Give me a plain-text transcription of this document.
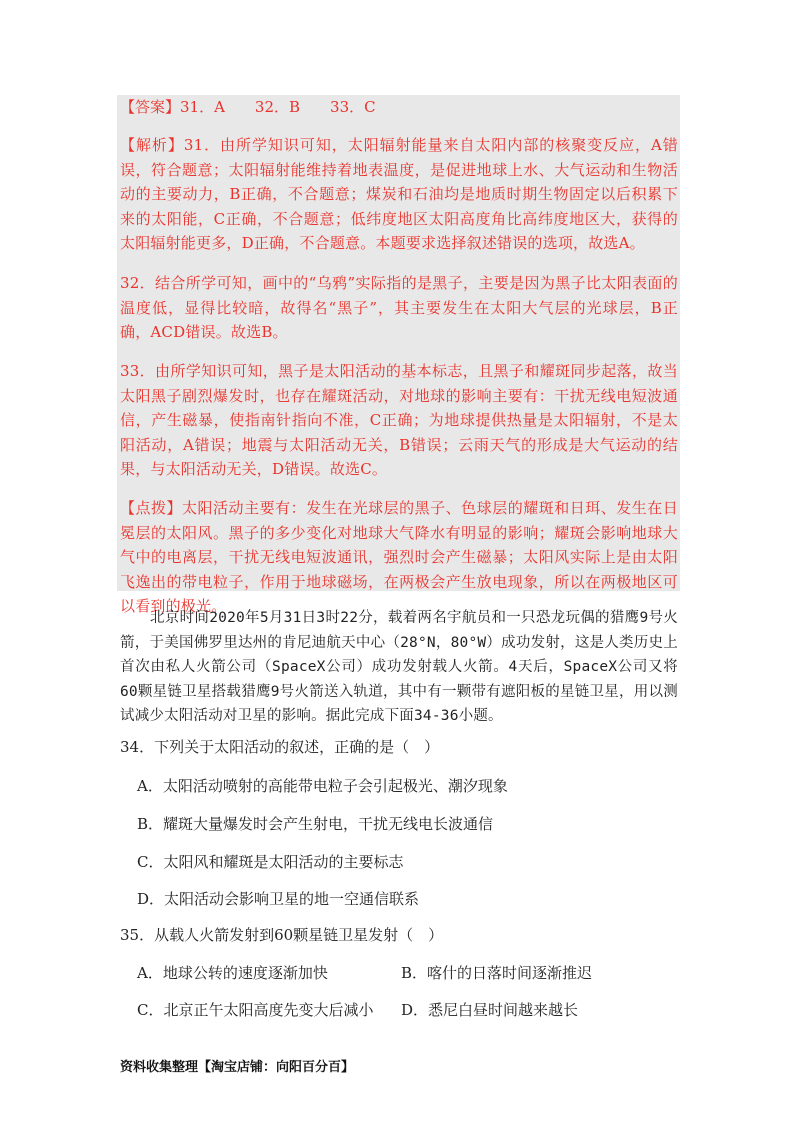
【答案】31．A　　32．B　　33．C
【解析】31．由所学知识可知，太阳辐射能量来自太阳内部的核聚变反应，A错误，符合题意；太阳辐射能维持着地表温度，是促进地球上水、大气运动和生物活动的主要动力，B正确，不合题意；煤炭和石油均是地质时期生物固定以后积累下来的太阳能，C正确，不合题意；低纬度地区太阳高度角比高纬度地区大，获得的太阳辐射能更多，D正确，不合题意。本题要求选择叙述错误的选项，故选A。
32．结合所学可知，画中的“乌鸦”实际指的是黑子，主要是因为黑子比太阳表面的温度低，显得比较暗，故得名“黑子”，其主要发生在太阳大气层的光球层，B正确，ACD错误。故选B。
33．由所学知识可知，黑子是太阳活动的基本标志，且黑子和耀斑同步起落，故当太阳黑子剧烈爆发时，也存在耀斑活动，对地球的影响主要有：干扰无线电短波通信，产生磁暴，使指南针指向不准，C正确；为地球提供热量是太阳辐射，不是太阳活动，A错误；地震与太阳活动无关，B错误；云雨天气的形成是大气运动的结果，与太阳活动无关，D错误。故选C。
【点拨】太阳活动主要有：发生在光球层的黑子、色球层的耀斑和日珥、发生在日冕层的太阳风。黑子的多少变化对地球大气降水有明显的影响；耀斑会影响地球大气中的电离层，干扰无线电短波通讯，强烈时会产生磁暴；太阳风实际上是由太阳飞逸出的带电粒子，作用于地球磁场，在两极会产生放电现象，所以在两极地区可以看到的极光。
北京时间2020年5月31日3时22分，载着两名宇航员和一只恐龙玩偶的猎鹰9号火箭，于美国佛罗里达州的肯尼迪航天中心（28°N，80°W）成功发射，这是人类历史上首次由私人火箭公司（SpaceX公司）成功发射载人火箭。4天后，SpaceX公司又将60颗星链卫星搭载猎鹰9号火箭送入轨道，其中有一颗带有遮阳板的星链卫星，用以测试减少太阳活动对卫星的影响。据此完成下面34-36小题。
34．下列关于太阳活动的叙述，正确的是（　）
A．太阳活动喷射的高能带电粒子会引起极光、潮汐现象
B．耀斑大量爆发时会产生射电，干扰无线电长波通信
C．太阳风和耀斑是太阳活动的主要标志
D．太阳活动会影响卫星的地一空通信联系
35．从载人火箭发射到60颗星链卫星发射（　）
A．地球公转的速度逐渐加快	B．喀什的日落时间逐渐推迟
C．北京正午太阳高度先变大后减小 D．悉尼白昼时间越来越长
资料收集整理【淘宝店铺：向阳百分百】
